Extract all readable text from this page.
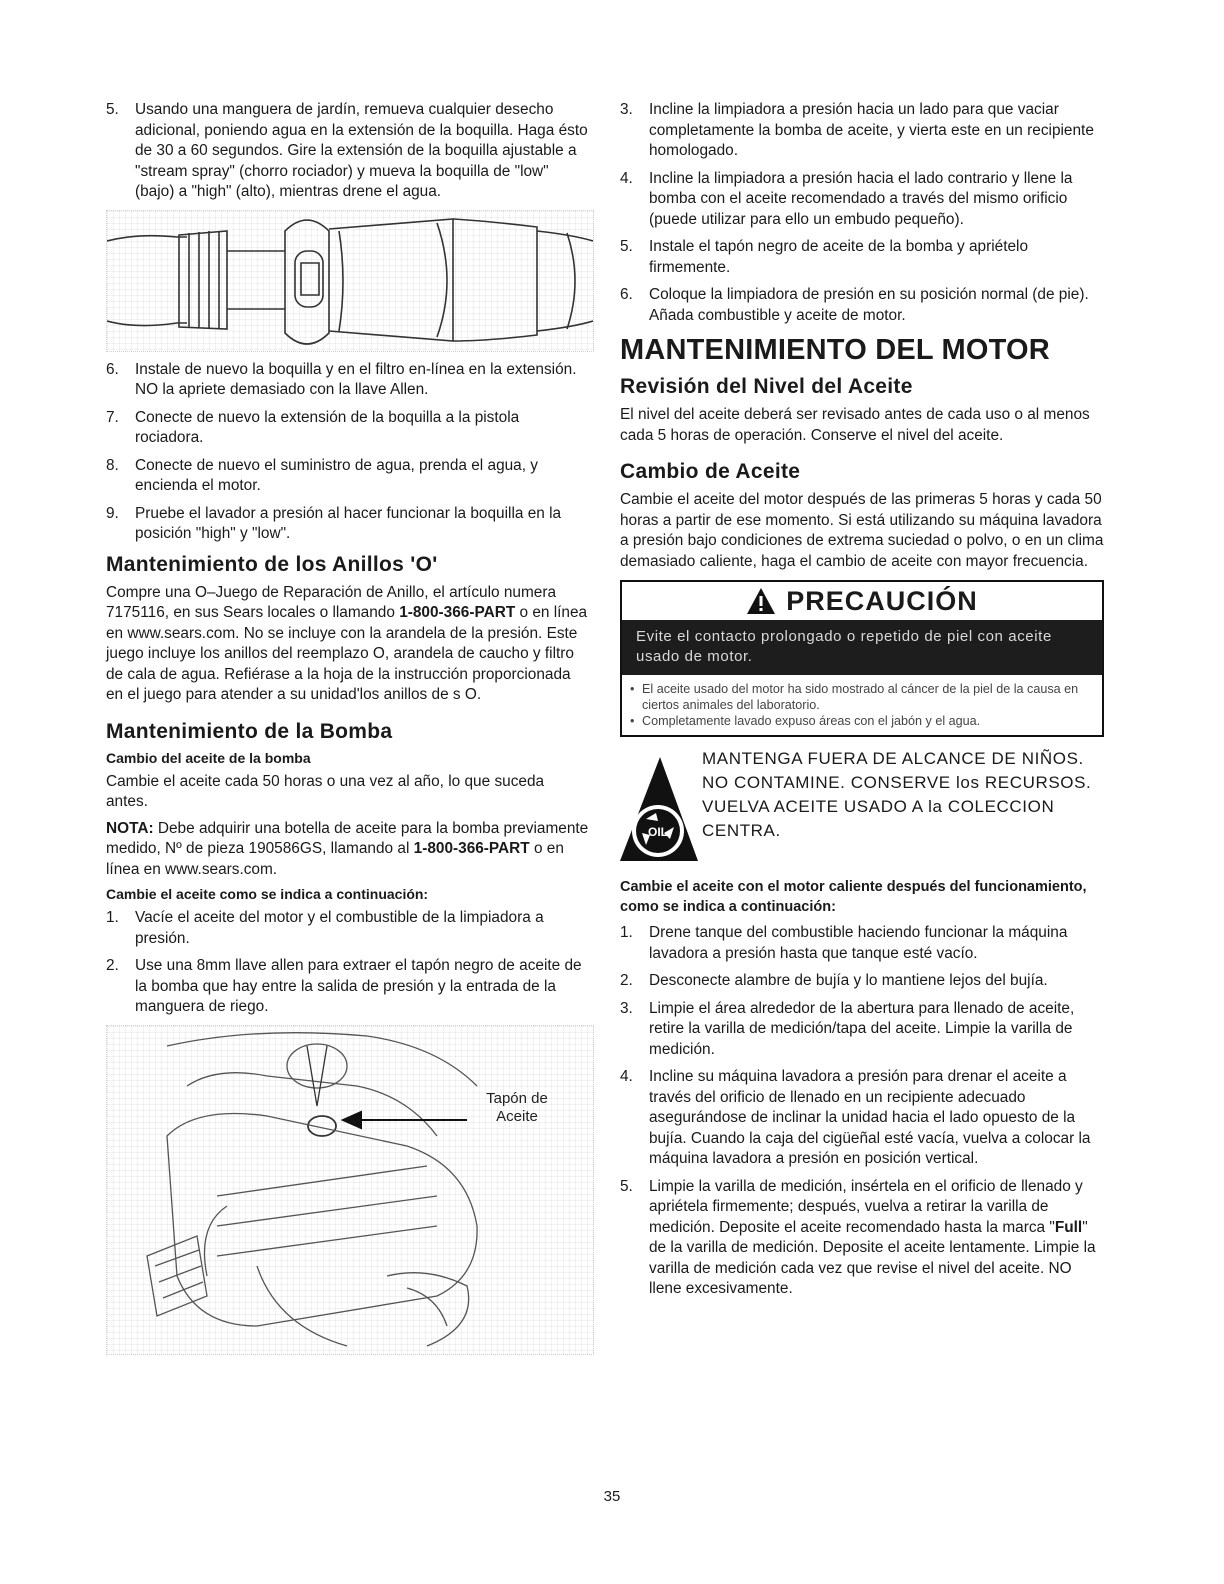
5. Usando una manguera de jardín, remueva cualquier desecho adicional, poniendo agua en la extensión de la boquilla. Haga ésto de 30 a 60 segundos. Gire la extensión de la boquilla ajustable a "stream spray" (chorro rociador) y mueva la boquilla de "low" (bajo) a "high" (alto), mientras drene el agua.
6. Instale de nuevo la boquilla y en el filtro en-línea en la extensión. NO la apriete demasiado con la llave Allen.
7. Conecte de nuevo la extensión de la boquilla a la pistola rociadora.
8. Conecte de nuevo el suministro de agua, prenda el agua, y encienda el motor.
9. Pruebe el lavador a presión al hacer funcionar la boquilla en la posición "high" y "low".
Mantenimiento de los Anillos 'O'

Compre una O–Juego de Reparación de Anillo, el artículo numera 7175116, en sus Sears locales o llamando 1-800-366-PART o en línea en www.sears.com. No se incluye con la arandela de la presión. Este juego incluye los anillos del reemplazo O, arandela de caucho y filtro de cala de agua. Refiérase a la hoja de la instrucción proporcionada en el juego para atender a su unidad'los anillos de s O.

Mantenimiento de la Bomba
Cambio del aceite de la bomba

Cambie el aceite cada 50 horas o una vez al año, lo que suceda antes.

NOTA: Debe adquirir una botella de aceite para la bomba previamente medido, Nº de pieza 190586GS, llamando al 1-800-366-PART o en línea en www.sears.com.

Cambie el aceite como se indica a continuación:
1. Vacíe el aceite del motor y el combustible de la limpiadora a presión.
2. Use una 8mm llave allen para extraer el tapón negro de aceite de la bomba que hay entre la salida de presión y la entrada de la manguera de riego.
Tapón de
Aceite
3. Incline la limpiadora a presión hacia un lado para que vaciar completamente la bomba de aceite, y vierta este en un recipiente homologado.
4. Incline la limpiadora a presión hacia el lado contrario y llene la bomba con el aceite recomendado a través del mismo orificio (puede utilizar para ello un embudo pequeño).
5. Instale el tapón negro de aceite de la bomba y apriételo firmemente.
6. Coloque la limpiadora de presión en su posición normal (de pie). Añada combustible y aceite de motor.
MANTENIMIENTO DEL MOTOR
Revisión del Nivel del Aceite

El nivel del aceite deberá ser revisado antes de cada uso o al menos cada 5 horas de operación. Conserve el nivel del aceite.

Cambio de Aceite

Cambie el aceite del motor después de las primeras 5 horas y cada 50 horas a partir de ese momento. Si está utilizando su máquina lavadora a presión bajo condiciones de extrema suciedad o polvo, o en un clima demasiado caliente, haga el cambio de aceite con mayor frecuencia.

PRECAUCIÓN
Evite el contacto prolongado o repetido de piel con aceite usado de motor.
• El aceite usado del motor ha sido mostrado al cáncer de la piel de la causa en ciertos animales del laboratorio.
• Completamente lavado expuso áreas con el jabón y el agua.
OIL
MANTENGA FUERA DE ALCANCE DE NIÑOS. NO CONTAMINE. CONSERVE los RECURSOS. VUELVA ACEITE USADO A la COLECCION CENTRA.
Cambie el aceite con el motor caliente después del funcionamiento, como se indica a continuación:
1. Drene tanque del combustible haciendo funcionar la máquina lavadora a presión hasta que tanque esté vacío.
2. Desconecte alambre de bujía y lo mantiene lejos del bujía.
3. Limpie el área alrededor de la abertura para llenado de aceite, retire la varilla de medición/tapa del aceite. Limpie la varilla de medición.
4. Incline su máquina lavadora a presión para drenar el aceite a través del orificio de llenado en un recipiente adecuado asegurándose de inclinar la unidad hacia el lado opuesto de la bujía. Cuando la caja del cigüeñal esté vacía, vuelva a colocar la máquina lavadora a presión en posición vertical.
5. Limpie la varilla de medición, insértela en el orificio de llenado y apriétela firmemente; después, vuelva a retirar la varilla de medición. Deposite el aceite recomendado hasta la marca "Full" de la varilla de medición. Deposite el aceite lentamente. Limpie la varilla de medición cada vez que revise el nivel del aceite. NO llene excesivamente.
35
